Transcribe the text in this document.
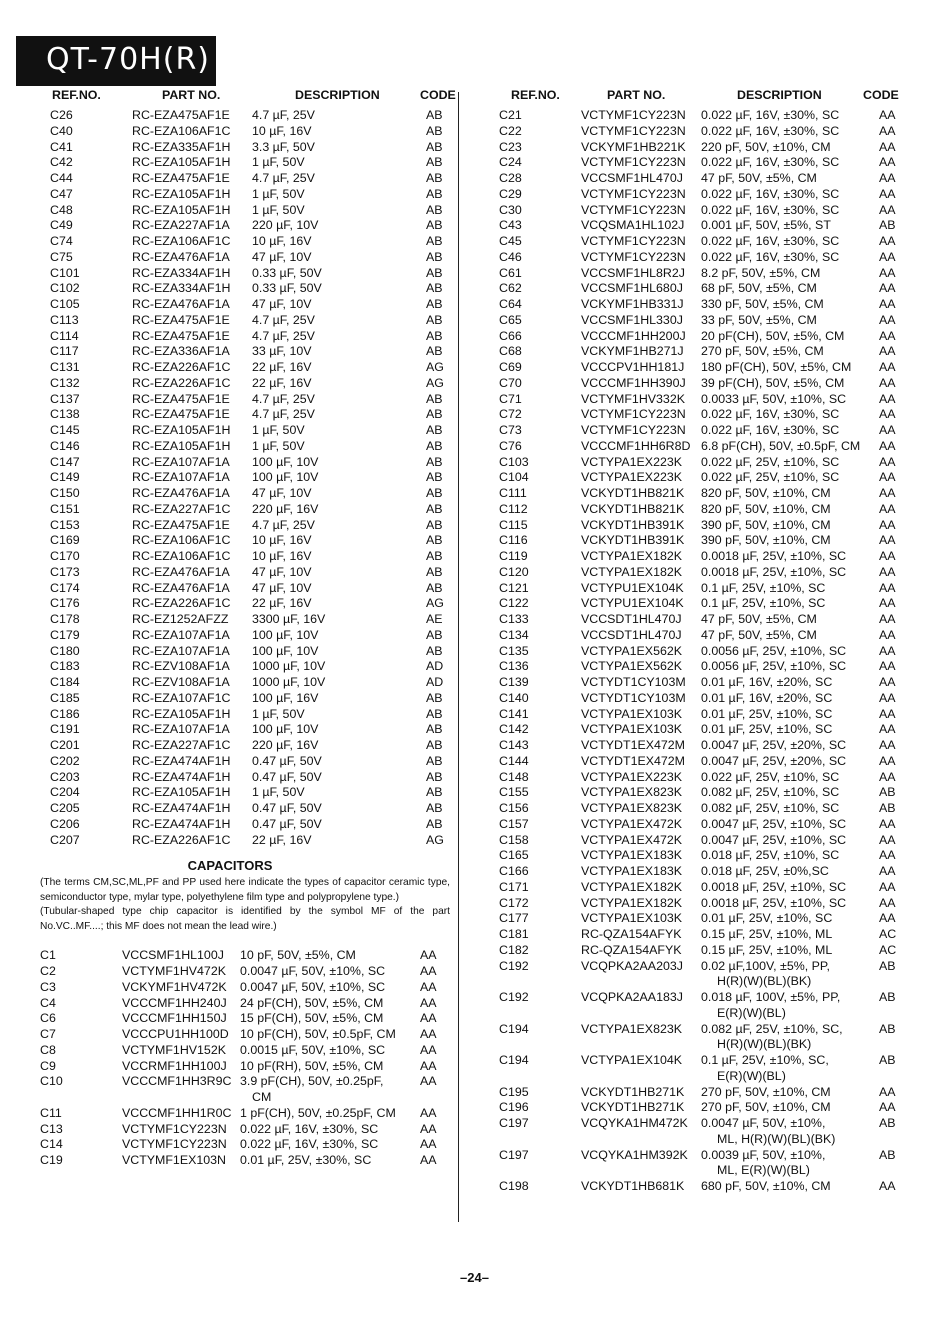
QT-70H(R)
REF.NO.	PART NO.	DESCRIPTION	CODE
C26	RC-EZA475AF1E 4.7 µF, 25V	AB
C40	RC-EZA106AF1C 10 µF, 16V	AB
C41	RC-EZA335AF1H 3.3 µF, 50V	AB
C42	RC-EZA105AF1H 1 µF, 50V	AB
C44	RC-EZA475AF1E 4.7 µF, 25V	AB
C47	RC-EZA105AF1H 1 µF, 50V	AB
C48	RC-EZA105AF1H 1 µF, 50V	AB
C49	RC-EZA227AF1A 220 µF, 10V	AB
C74	RC-EZA106AF1C 10 µF, 16V	AB
C75	RC-EZA476AF1A 47 µF, 10V	AB
C101	RC-EZA334AF1H 0.33 µF, 50V	AB
C102	RC-EZA334AF1H 0.33 µF, 50V	AB
C105	RC-EZA476AF1A 47 µF, 10V	AB
C113	RC-EZA475AF1E 4.7 µF, 25V	AB
C114	RC-EZA475AF1E 4.7 µF, 25V	AB
C117	RC-EZA336AF1A 33 µF, 10V	AB
C131	RC-EZA226AF1C 22 µF, 16V	AG
C132	RC-EZA226AF1C 22 µF, 16V	AG
C137	RC-EZA475AF1E 4.7 µF, 25V	AB
C138	RC-EZA475AF1E 4.7 µF, 25V	AB
C145	RC-EZA105AF1H 1 µF, 50V	AB
C146	RC-EZA105AF1H 1 µF, 50V	AB
C147	RC-EZA107AF1A 100 µF, 10V	AB
C149	RC-EZA107AF1A 100 µF, 10V	AB
C150	RC-EZA476AF1A 47 µF, 10V	AB
C151	RC-EZA227AF1C 220 µF, 16V	AB
C153	RC-EZA475AF1E 4.7 µF, 25V	AB
C169	RC-EZA106AF1C 10 µF, 16V	AB
C170	RC-EZA106AF1C 10 µF, 16V	AB
C173	RC-EZA476AF1A 47 µF, 10V	AB
C174	RC-EZA476AF1A 47 µF, 10V	AB
C176	RC-EZA226AF1C 22 µF, 16V	AG
C178	RC-EZ1252AFZZ 3300 µF, 16V	AE
C179	RC-EZA107AF1A 100 µF, 10V	AB
C180	RC-EZA107AF1A 100 µF, 10V	AB
C183	RC-EZV108AF1A 1000 µF, 10V	AD
C184	RC-EZV108AF1A 1000 µF, 10V	AD
C185	RC-EZA107AF1C 100 µF, 16V	AB
C186	RC-EZA105AF1H 1 µF, 50V	AB
C191	RC-EZA107AF1A 100 µF, 10V	AB
C201	RC-EZA227AF1C 220 µF, 16V	AB
C202	RC-EZA474AF1H 0.47 µF, 50V	AB
C203	RC-EZA474AF1H 0.47 µF, 50V	AB
C204	RC-EZA105AF1H 1 µF, 50V	AB
C205	RC-EZA474AF1H 0.47 µF, 50V	AB
C206	RC-EZA474AF1H 0.47 µF, 50V	AB
C207	RC-EZA226AF1C 22 µF, 16V	AG
CAPACITORS
(The terms CM,SC,ML,PF and PP used here indicate the types of capacitor ceramic type, semiconductor type, mylar type, polyethylene film type and polypropylene type.)
(Tubular-shaped type chip capacitor is identified by the symbol MF of the part No.VC..MF....; this MF does not mean the lead wire.)
C1	VCCSMF1HL100J 10 pF, 50V, ±5%, CM	AA
C2	VCTYMF1HV472K 0.0047 µF, 50V, ±10%, SC	AA
C3	VCKYMF1HV472K 0.0047 µF, 50V, ±10%, SC	AA
C4	VCCCMF1HH240J 24 pF(CH), 50V, ±5%, CM	AA
C6	VCCCMF1HH150J 15 pF(CH), 50V, ±5%, CM	AA
C7	VCCCPU1HH100D 10 pF(CH), 50V, ±0.5pF, CM AA
C8	VCTYMF1HV152K 0.0015 µF, 50V, ±10%, SC	AA
C9	VCCRMF1HH100J 10 pF(RH), 50V, ±5%, CM	AA
C10	VCCCMF1HH3R9C 3.9 pF(CH), 50V, ±0.25pF,	AA
CM
C11	VCCCMF1HH1R0C 1 pF(CH), 50V, ±0.25pF, CM AA
C13	VCTYMF1CY223N 0.022 µF, 16V, ±30%, SC	AA
C14	VCTYMF1CY223N 0.022 µF, 16V, ±30%, SC	AA
C19	VCTYMF1EX103N 0.01 µF, 25V, ±30%, SC	AA
REF.NO.	PART NO.	DESCRIPTION	CODE
C21	VCTYMF1CY223N 0.022 µF, 16V, ±30%, SC	AA
C22	VCTYMF1CY223N 0.022 µF, 16V, ±30%, SC	AA
C23	VCKYMF1HB221K 220 pF, 50V, ±10%, CM	AA
C24	VCTYMF1CY223N 0.022 µF, 16V, ±30%, SC	AA
C28	VCCSMF1HL470J 47 pF, 50V, ±5%, CM	AA
C29	VCTYMF1CY223N 0.022 µF, 16V, ±30%, SC	AA
C30	VCTYMF1CY223N 0.022 µF, 16V, ±30%, SC	AA
C43	VCQSMA1HL102J 0.001 µF, 50V, ±5%, ST	AB
C45	VCTYMF1CY223N 0.022 µF, 16V, ±30%, SC	AA
C46	VCTYMF1CY223N 0.022 µF, 16V, ±30%, SC	AA
C61	VCCSMF1HL8R2J 8.2 pF, 50V, ±5%, CM	AA
C62	VCCSMF1HL680J 68 pF, 50V, ±5%, CM	AA
C64	VCKYMF1HB331J 330 pF, 50V, ±5%, CM	AA
C65	VCCSMF1HL330J 33 pF, 50V, ±5%, CM	AA
C66	VCCCMF1HH200J 20 pF(CH), 50V, ±5%, CM	AA
C68	VCKYMF1HB271J 270 pF, 50V, ±5%, CM	AA
C69	VCCCPV1HH181J 180 pF(CH), 50V, ±5%, CM AA
C70	VCCCMF1HH390J 39 pF(CH), 50V, ±5%, CM	AA
C71	VCTYMF1HV332K 0.0033 µF, 50V, ±10%, SC	AA
C72	VCTYMF1CY223N 0.022 µF, 16V, ±30%, SC	AA
C73	VCTYMF1CY223N 0.022 µF, 16V, ±30%, SC	AA
C76	VCCCMF1HH6R8D 6.8 pF(CH), 50V, ±0.5pF, CM AA
C103	VCTYPA1EX223K 0.022 µF, 25V, ±10%, SC	AA
C104	VCTYPA1EX223K 0.022 µF, 25V, ±10%, SC	AA
C111	VCKYDT1HB821K 820 pF, 50V, ±10%, CM	AA
C112	VCKYDT1HB821K 820 pF, 50V, ±10%, CM	AA
C115	VCKYDT1HB391K 390 pF, 50V, ±10%, CM	AA
C116	VCKYDT1HB391K 390 pF, 50V, ±10%, CM	AA
C119	VCTYPA1EX182K 0.0018 µF, 25V, ±10%, SC	AA
C120	VCTYPA1EX182K 0.0018 µF, 25V, ±10%, SC	AA
C121	VCTYPU1EX104K 0.1 µF, 25V, ±10%, SC	AA
C122	VCTYPU1EX104K 0.1 µF, 25V, ±10%, SC	AA
C133	VCCSDT1HL470J 47 pF, 50V, ±5%, CM	AA
C134	VCCSDT1HL470J 47 pF, 50V, ±5%, CM	AA
C135	VCTYPA1EX562K 0.0056 µF, 25V, ±10%, SC	AA
C136	VCTYPA1EX562K 0.0056 µF, 25V, ±10%, SC	AA
C139	VCTYDT1CY103M 0.01 µF, 16V, ±20%, SC	AA
C140	VCTYDT1CY103M 0.01 µF, 16V, ±20%, SC	AA
C141	VCTYPA1EX103K 0.01 µF, 25V, ±10%, SC	AA
C142	VCTYPA1EX103K 0.01 µF, 25V, ±10%, SC	AA
C143	VCTYDT1EX472M 0.0047 µF, 25V, ±20%, SC	AA
C144	VCTYDT1EX472M 0.0047 µF, 25V, ±20%, SC	AA
C148	VCTYPA1EX223K 0.022 µF, 25V, ±10%, SC	AA
C155	VCTYPA1EX823K 0.082 µF, 25V, ±10%, SC	AB
C156	VCTYPA1EX823K 0.082 µF, 25V, ±10%, SC	AB
C157	VCTYPA1EX472K 0.0047 µF, 25V, ±10%, SC	AA
C158	VCTYPA1EX472K 0.0047 µF, 25V, ±10%, SC	AA
C165	VCTYPA1EX183K 0.018 µF, 25V, ±10%, SC	AA
C166	VCTYPA1EX183K 0.018 µF, 25V, ±0%,SC	AA
C171	VCTYPA1EX182K 0.0018 µF, 25V, ±10%, SC	AA
C172	VCTYPA1EX182K 0.0018 µF, 25V, ±10%, SC	AA
C177	VCTYPA1EX103K 0.01 µF, 25V, ±10%, SC	AA
C181	RC-QZA154AFYK 0.15 µF, 25V, ±10%, ML	AC
C182	RC-QZA154AFYK 0.15 µF, 25V, ±10%, ML	AC
C192	VCQPKA2AA203J 0.02 µF,100V, ±5%, PP,	AB
H(R)(W)(BL)(BK)
C192	VCQPKA2AA183J 0.018 µF, 100V, ±5%, PP,	AB
E(R)(W)(BL)
C194	VCTYPA1EX823K 0.082 µF, 25V, ±10%, SC,	AB
H(R)(W)(BL)(BK)
C194	VCTYPA1EX104K 0.1 µF, 25V, ±10%, SC,	AB
E(R)(W)(BL)
C195	VCKYDT1HB271K 270 pF, 50V, ±10%, CM	AA
C196	VCKYDT1HB271K 270 pF, 50V, ±10%, CM	AA
C197	VCQYKA1HM472K 0.0047 µF, 50V, ±10%,	AB
ML, H(R)(W)(BL)(BK)
C197	VCQYKA1HM392K 0.0039 µF, 50V, ±10%,	AB
ML, E(R)(W)(BL)
C198	VCKYDT1HB681K 680 pF, 50V, ±10%, CM	AA
–24–
